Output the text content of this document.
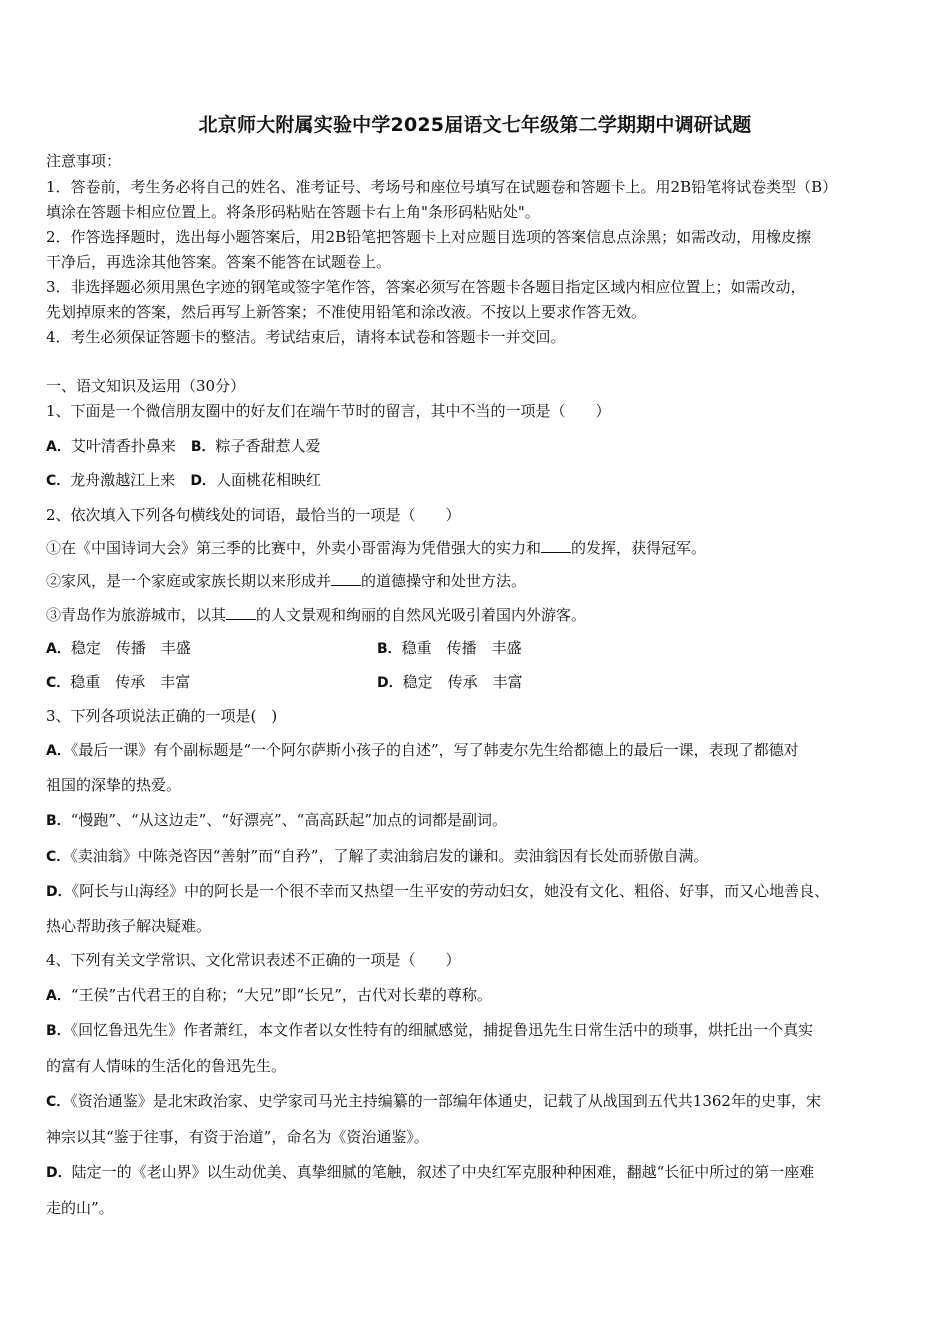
北京师大附属实验中学2025届语文七年级第二学期期中调研试题
注意事项：
1．答卷前，考生务必将自己的姓名、准考证号、考场号和座位号填写在试题卷和答题卡上。用2B铅笔将试卷类型（B）
填涂在答题卡相应位置上。将条形码粘贴在答题卡右上角"条形码粘贴处"。
2．作答选择题时，选出每小题答案后，用2B铅笔把答题卡上对应题目选项的答案信息点涂黑；如需改动，用橡皮擦
干净后，再选涂其他答案。答案不能答在试题卷上。
3．非选择题必须用黑色字迹的钢笔或签字笔作答，答案必须写在答题卡各题目指定区域内相应位置上；如需改动，
先划掉原来的答案，然后再写上新答案；不准使用铅笔和涂改液。不按以上要求作答无效。
4．考生必须保证答题卡的整洁。考试结束后，请将本试卷和答题卡一并交回。
一、语文知识及运用（30分）
1、下面是一个微信朋友圈中的好友们在端午节时的留言，其中不当的一项是（　　）
A．艾叶清香扑鼻来　 B．粽子香甜惹人爱
C．龙舟激越江上来　 D．人面桃花相映红
2、依次填入下列各句横线处的词语，最恰当的一项是（　　）
①在《中国诗词大会》第三季的比赛中，外卖小哥雷海为凭借强大的实力和 的发挥，获得冠军。
②家风，是一个家庭或家族长期以来形成并 的道德操守和处世方法。
③青岛作为旅游城市，以其 的人文景观和绚丽的自然风光吸引着国内外游客。
A．稳定　传播　丰盛	B．稳重　传播　丰盛
C．稳重　传承　丰富	D．稳定　传承　丰富
3、下列各项说法正确的一项是(　)
A．《最后一课》有个副标题是“一个阿尔萨斯小孩子的自述”，写了韩麦尔先生给都德上的最后一课，表现了都德对
祖国的深挚的热爱。
B．“慢跑”、“从这边走”、“好漂亮”、“高高跃起”加点的词都是副词。
C．《卖油翁》中陈尧咨因“善射”而“自矜”，了解了卖油翁启发的谦和。卖油翁因有长处而骄傲自满。
D．《阿长与山海经》中的阿长是一个很不幸而又热望一生平安的劳动妇女，她没有文化、粗俗、好事，而又心地善良、
热心帮助孩子解决疑难。
4、下列有关文学常识、文化常识表述不正确的一项是（　　）
A．“王侯”古代君王的自称；“大兄”即“长兄”，古代对长辈的尊称。
B．《回忆鲁迅先生》作者萧红，本文作者以女性特有的细腻感觉，捕捉鲁迅先生日常生活中的琐事，烘托出一个真实
的富有人情味的生活化的鲁迅先生。
C．《资治通鉴》是北宋政治家、史学家司马光主持编纂的一部编年体通史，记载了从战国到五代共1362年的史事，宋
神宗以其“鉴于往事，有资于治道”，命名为《资治通鉴》。
D．陆定一的《老山界》以生动优美、真挚细腻的笔触，叙述了中央红军克服种种困难，翻越“长征中所过的第一座难
走的山”。
